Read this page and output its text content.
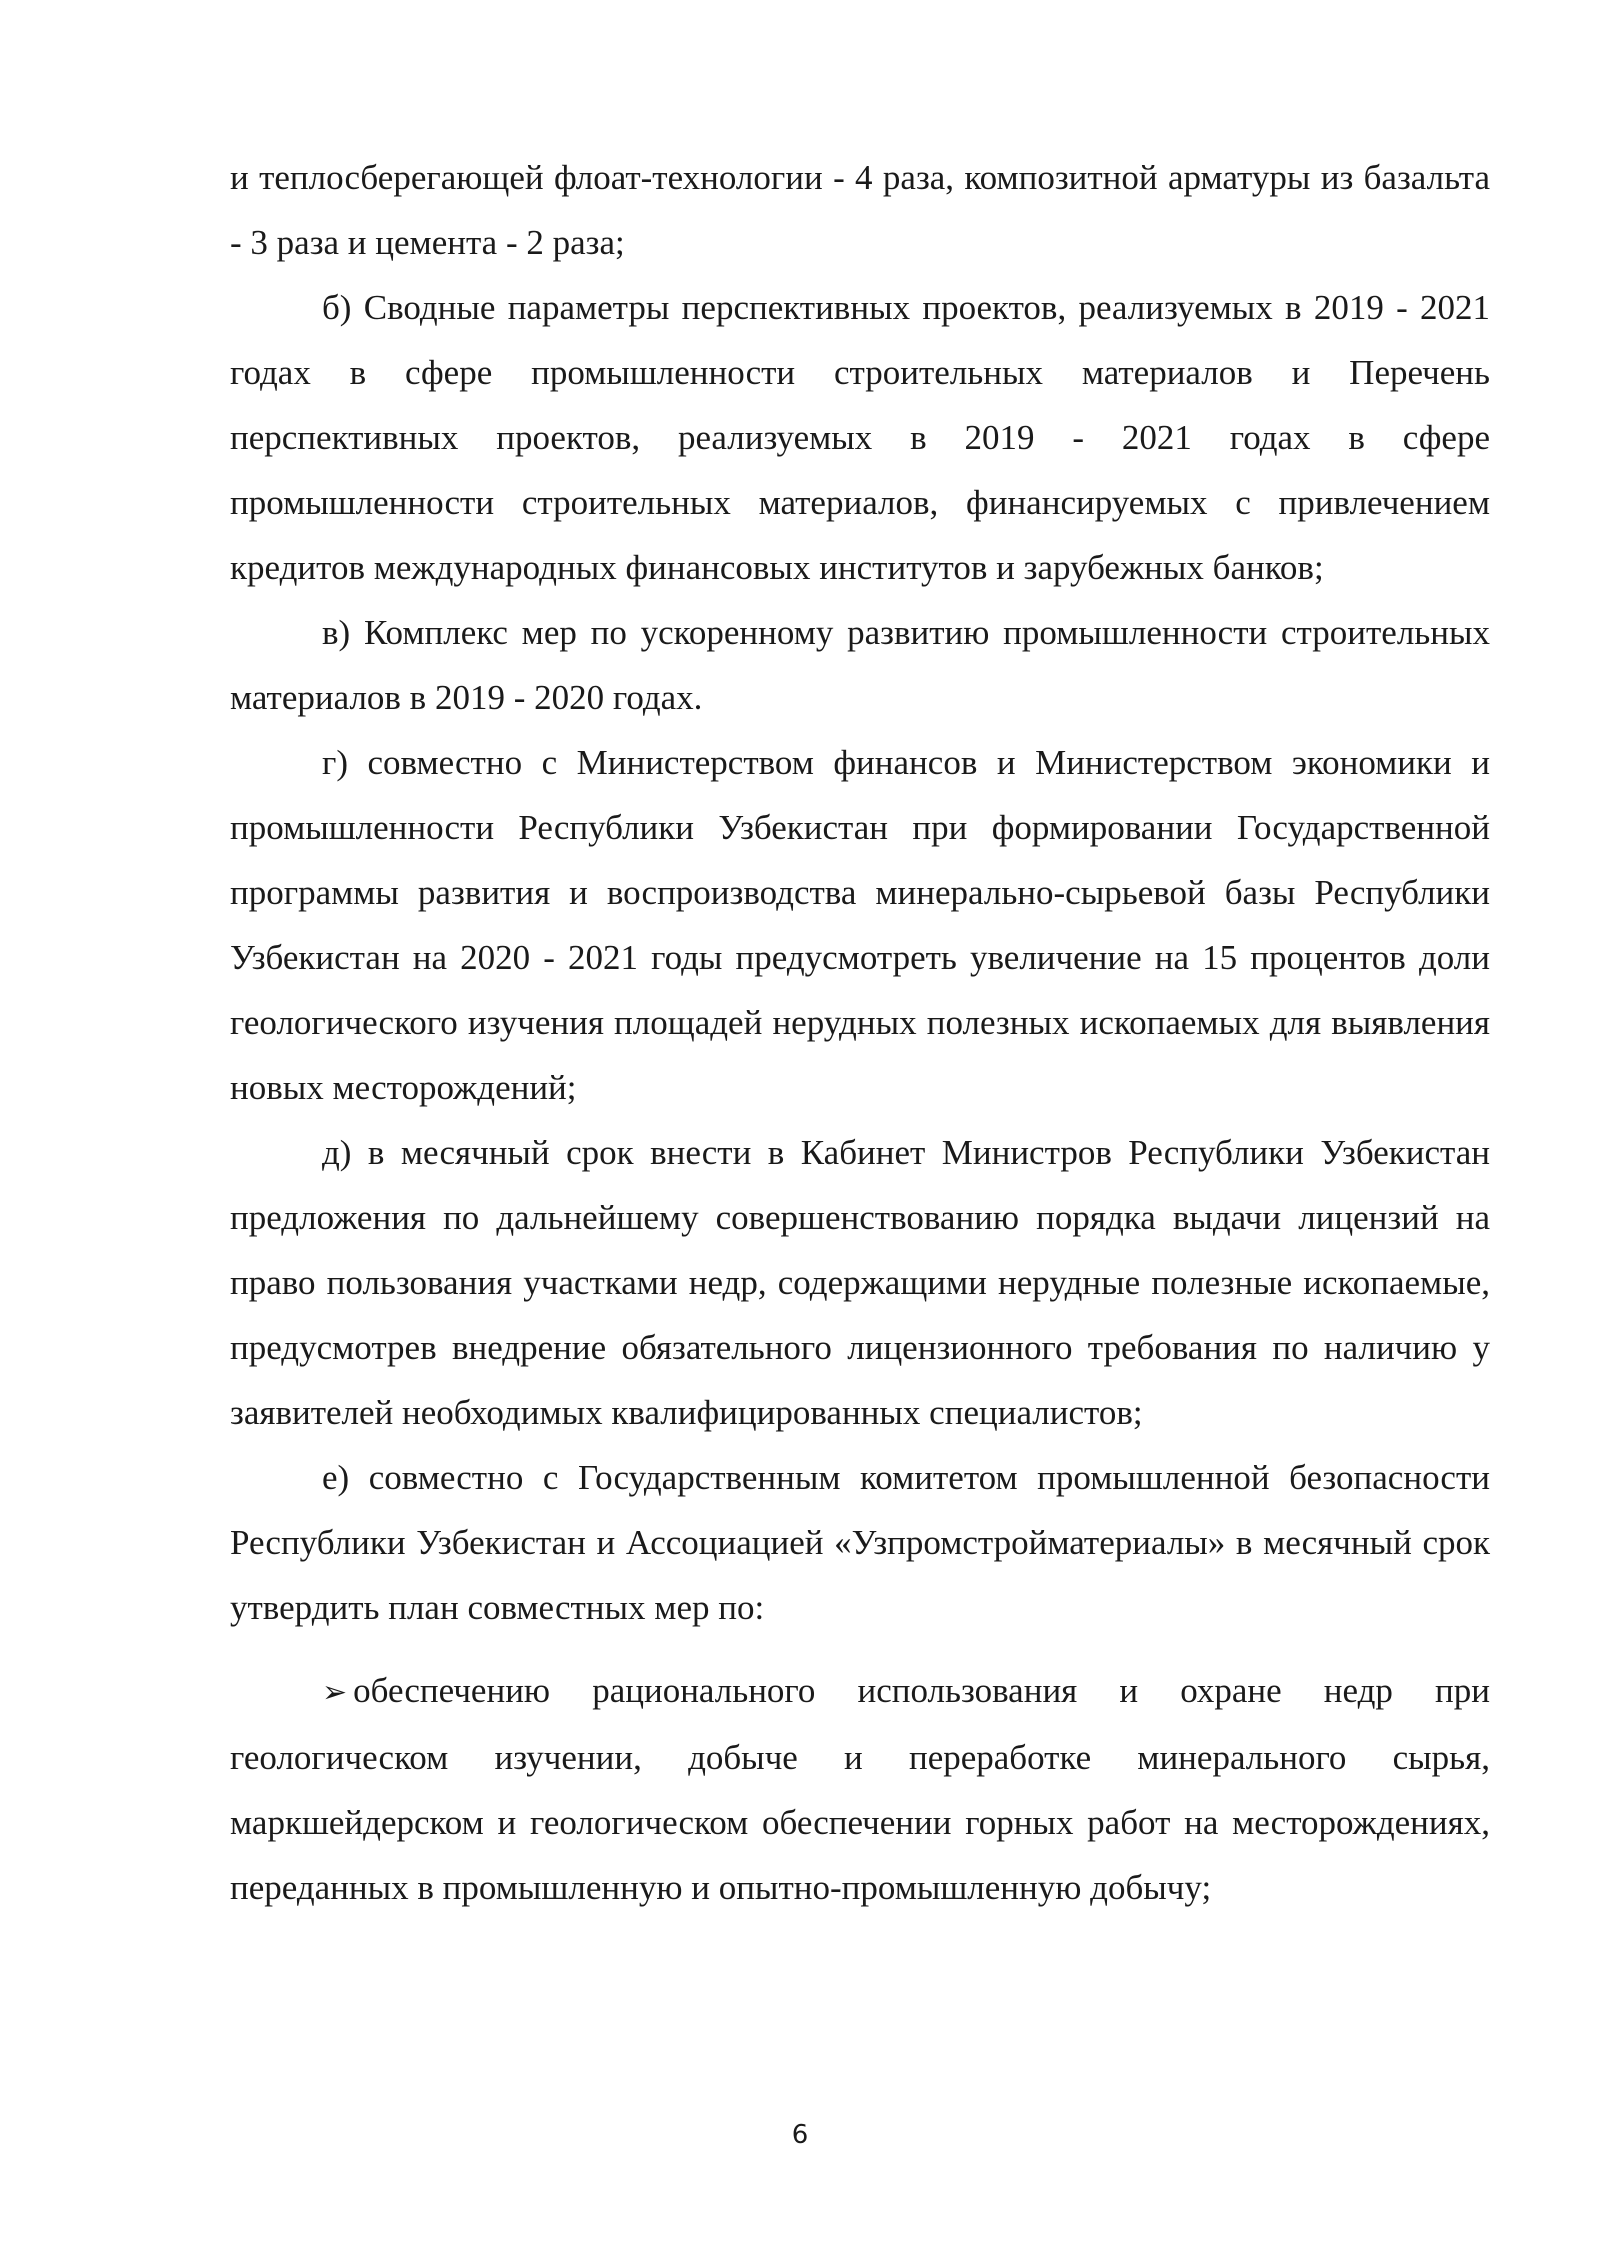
и теплосберегающей флоат-технологии - 4 раза, композитной арматуры из базальта - 3 раза и цемента - 2 раза;

б) Сводные параметры перспективных проектов, реализуемых в 2019 - 2021 годах в сфере промышленности строительных материалов и Перечень перспективных проектов, реализуемых в 2019 - 2021 годах в сфере промышленности строительных материалов, финансируемых с привлечением кредитов международных финансовых институтов и зарубежных банков;

в) Комплекс мер по ускоренному развитию промышленности строительных материалов в 2019 - 2020 годах.

г) совместно с Министерством финансов и Министерством экономики и промышленности Республики Узбекистан при формировании Государственной программы развития и воспроизводства минерально-сырьевой базы Республики Узбекистан на 2020 - 2021 годы предусмотреть увеличение на 15 процентов доли геологического изучения площадей нерудных полезных ископаемых для выявления новых месторождений;

д) в месячный срок внести в Кабинет Министров Республики Узбекистан предложения по дальнейшему совершенствованию порядка выдачи лицензий на право пользования участками недр, содержащими нерудные полезные ископаемые, предусмотрев внедрение обязательного лицензионного требования по наличию у заявителей необходимых квалифицированных специалистов;

е) совместно с Государственным комитетом промышленной безопасности Республики Узбекистан и Ассоциацией «Узпромстройматериалы» в месячный срок утвердить план совместных мер по:

➢ обеспечению рационального использования и охране недр при геологическом изучении, добыче и переработке минерального сырья, маркшейдерском и геологическом обеспечении горных работ на месторождениях, переданных в промышленную и опытно-промышленную добычу;

6
